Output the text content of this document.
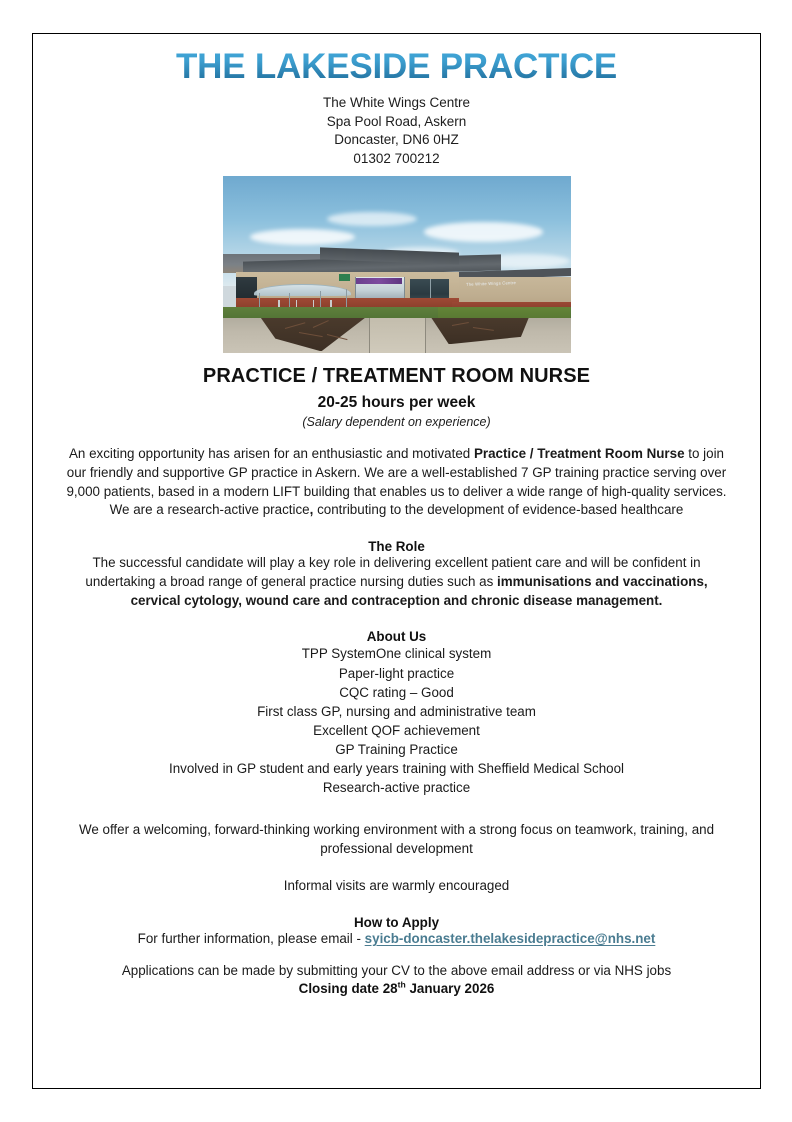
THE LAKESIDE PRACTICE
The White Wings Centre
Spa Pool Road, Askern
Doncaster, DN6 0HZ
01302 700212
The White Wings Centre
PRACTICE / TREATMENT ROOM NURSE
20-25 hours per week
(Salary dependent on experience)

An exciting opportunity has arisen for an enthusiastic and motivated Practice / Treatment Room Nurse to join our friendly and supportive GP practice in Askern. We are a well-established 7 GP training practice serving over 9,000 patients, based in a modern LIFT building that enables us to deliver a wide range of high-quality services. We are a research-active practice, contributing to the development of evidence-based healthcare

The Role

The successful candidate will play a key role in delivering excellent patient care and will be confident in undertaking a broad range of general practice nursing duties such as immunisations and vaccinations, cervical cytology, wound care and contraception and chronic disease management.

About Us
TPP SystemOne clinical system
Paper-light practice
CQC rating – Good
First class GP, nursing and administrative team
Excellent QOF achievement
GP Training Practice
Involved in GP student and early years training with Sheffield Medical School
Research-active practice

We offer a welcoming, forward-thinking working environment with a strong focus on teamwork, training, and professional development

Informal visits are warmly encouraged

How to Apply

For further information, please email - syicb-doncaster.thelakesidepractice@nhs.net

Applications can be made by submitting your CV to the above email address or via NHS jobs

Closing date 28th January 2026
